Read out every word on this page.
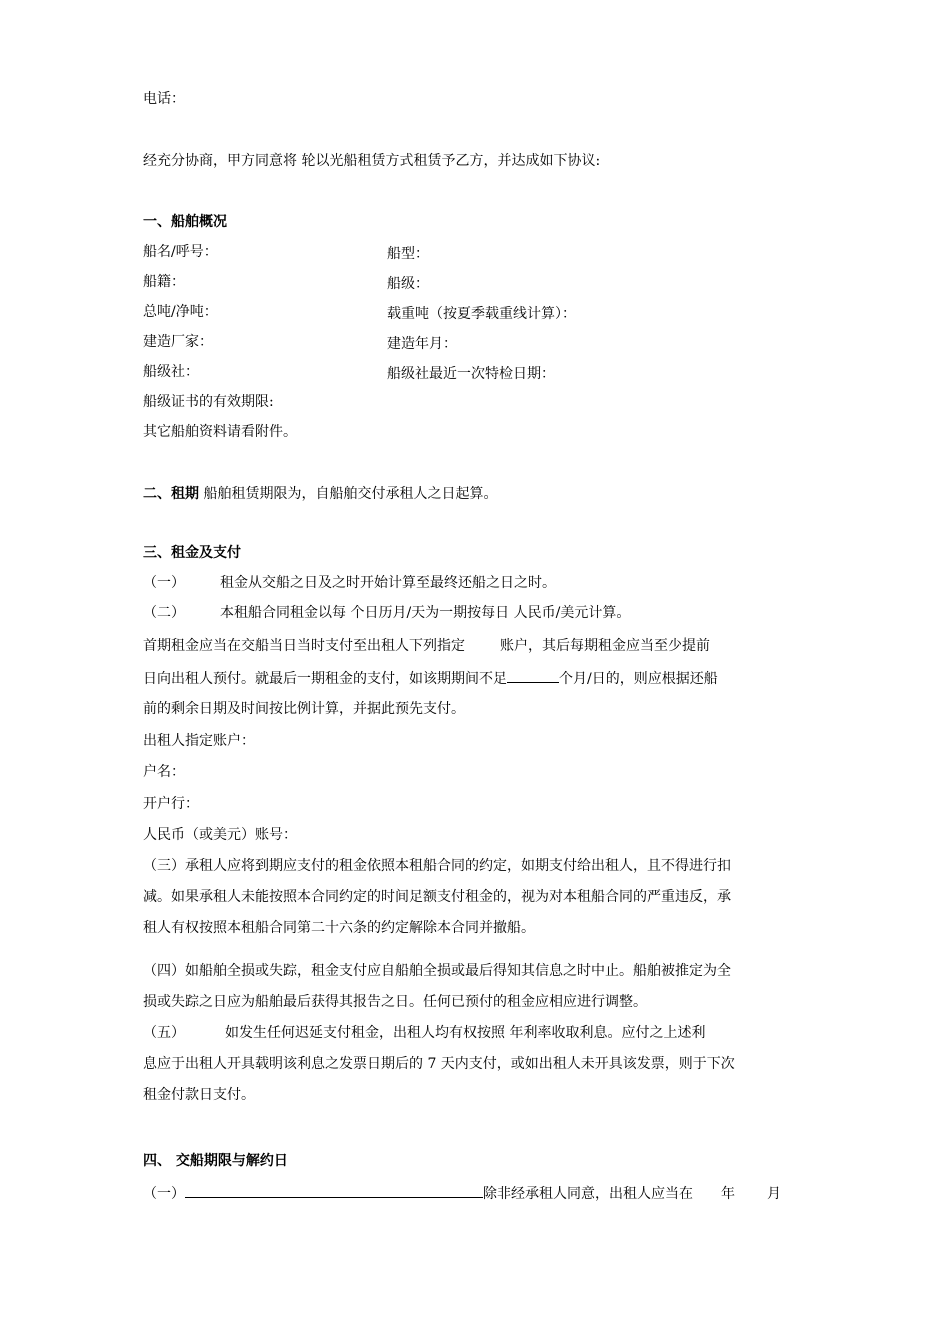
电话：
经充分协商，甲方同意将 轮以光船租赁方式租赁予乙方，并达成如下协议:
一、船舶概况
船名/呼号：	船型：
船籍：	船级：
总吨/净吨：	载重吨（按夏季载重线计算）：
建造厂家：	建造年月：
船级社：	船级社最近一次特检日期：
船级证书的有效期限:
其它船舶资料请看附件。
二、租期 船舶租赁期限为，自船舶交付承租人之日起算。
三、租金及支付
（一）	租金从交船之日及之时开始计算至最终还船之日之时。
（二）	本租船合同租金以每 个日历月/天为一期按每日 人民币/美元计算。
首期租金应当在交船当日当时支付至出租人下列指定	账户，其后每期租金应当至少提前
日向出租人预付。就最后一期租金的支付，如该期期间不足	个月/日的，则应根据还船
前的剩余日期及时间按比例计算，并据此预先支付。
出租人指定账户：
户名：
开户行：
人民币（或美元）账号：
（三）承租人应将到期应支付的租金依照本租船合同的约定，如期支付给出租人，且不得进行扣
减。如果承租人未能按照本合同约定的时间足额支付租金的，视为对本租船合同的严重违反，承
租人有权按照本租船合同第二十六条的约定解除本合同并撤船。
（四）如船舶全损或失踪，租金支付应自船舶全损或最后得知其信息之时中止。船舶被推定为全
损或失踪之日应为船舶最后获得其报告之日。任何已预付的租金应相应进行调整。
（五）	如发生任何迟延支付租金，出租人均有权按照 年利率收取利息。应付之上述利
息应于出租人开具载明该利息之发票日期后的 7 天内支付，或如出租人未开具该发票，则于下次
租金付款日支付。
四、 交船期限与解约日
（一）	除非经承租人同意，出租人应当在 年 月
